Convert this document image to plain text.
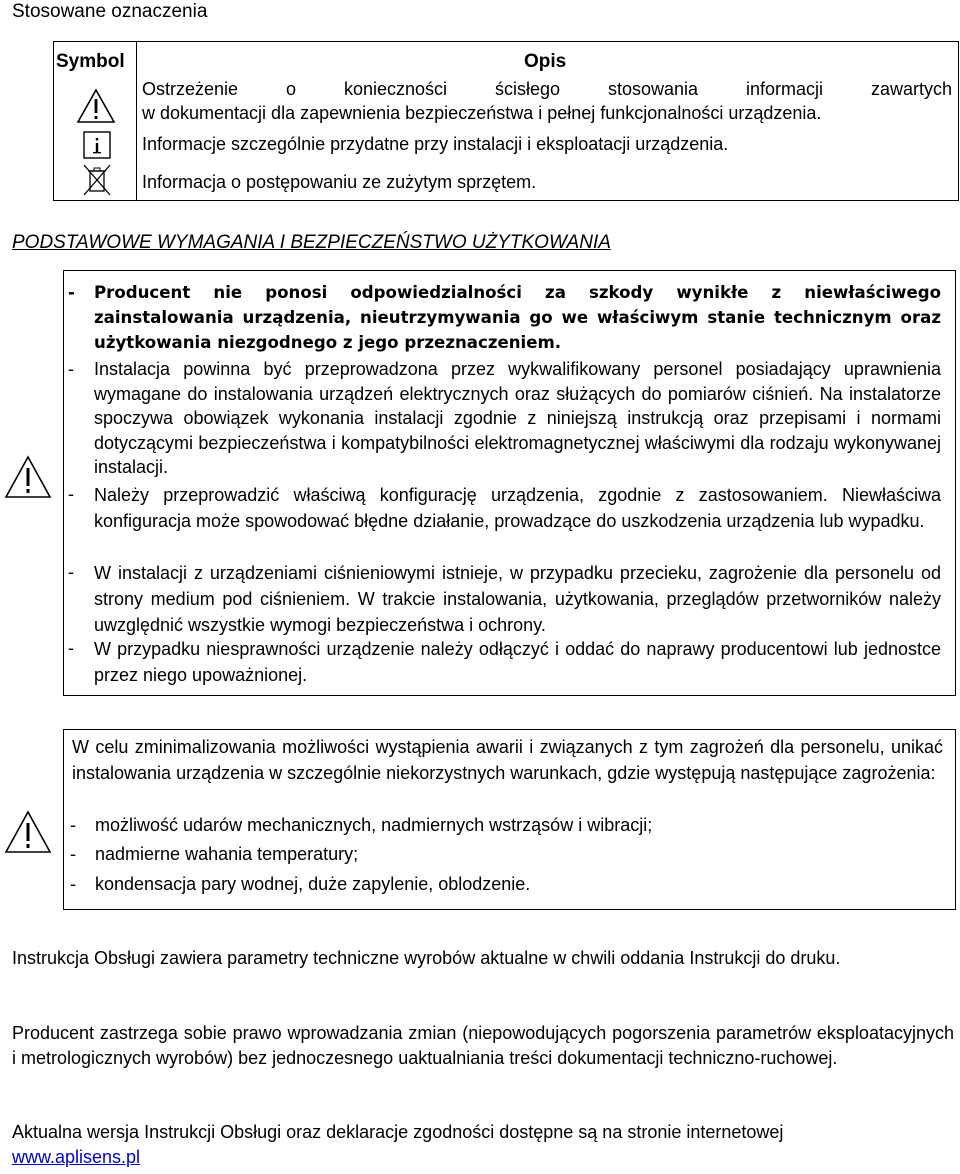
Stosowane oznaczenia
Symbol	Opis
Ostrzeżenie o konieczności ścisłego stosowania informacji zawartych
w dokumentacji dla zapewnienia bezpieczeństwa i pełnej funkcjonalności urządzenia.
Informacje szczególnie przydatne przy instalacji i eksploatacji urządzenia.
Informacja o postępowaniu ze zużytym sprzętem.
PODSTAWOWE WYMAGANIA I BEZPIECZEŃSTWO UŻYTKOWANIA
-	Producent nie ponosi odpowiedzialności za szkody wynikłe z niewłaściwego zainstalowania urządzenia, nieutrzymywania go we właściwym stanie technicznym oraz użytkowania niezgodnego z jego przeznaczeniem.
-	Instalacja powinna być przeprowadzona przez wykwalifikowany personel posiadający uprawnienia wymagane do instalowania urządzeń elektrycznych oraz służących do pomiarów ciśnień. Na instalatorze spoczywa obowiązek wykonania instalacji zgodnie z niniejszą instrukcją oraz przepisami i normami dotyczącymi bezpieczeństwa i kompatybilności elektromagnetycznej właściwymi dla rodzaju wykonywanej instalacji.
-	Należy przeprowadzić właściwą konfigurację urządzenia, zgodnie z zastosowaniem. Niewłaściwa konfiguracja może spowodować błędne działanie, prowadzące do uszkodzenia urządzenia lub wypadku.
-	W instalacji z urządzeniami ciśnieniowymi istnieje, w przypadku przecieku, zagrożenie dla personelu od strony medium pod ciśnieniem. W trakcie instalowania, użytkowania, przeglądów przetworników należy uwzględnić wszystkie wymogi bezpieczeństwa i ochrony.
-	W przypadku niesprawności urządzenie należy odłączyć i oddać do naprawy producentowi lub jednostce przez niego upoważnionej.
W celu zminimalizowania możliwości wystąpienia awarii i związanych z tym zagrożeń dla personelu, unikać instalowania urządzenia w szczególnie niekorzystnych warunkach, gdzie występują następujące zagrożenia:
- możliwość udarów mechanicznych, nadmiernych wstrząsów i wibracji;
- nadmierne wahania temperatury;
- kondensacja pary wodnej, duże zapylenie, oblodzenie.
Instrukcja Obsługi zawiera parametry techniczne wyrobów aktualne w chwili oddania Instrukcji do druku.
Producent zastrzega sobie prawo wprowadzania zmian (niepowodujących pogorszenia parametrów eksploatacyjnych i metrologicznych wyrobów) bez jednoczesnego uaktualniania treści dokumentacji techniczno-ruchowej.
Aktualna wersja Instrukcji Obsługi oraz deklaracje zgodności dostępne są na stronie internetowej
www.aplisens.pl
